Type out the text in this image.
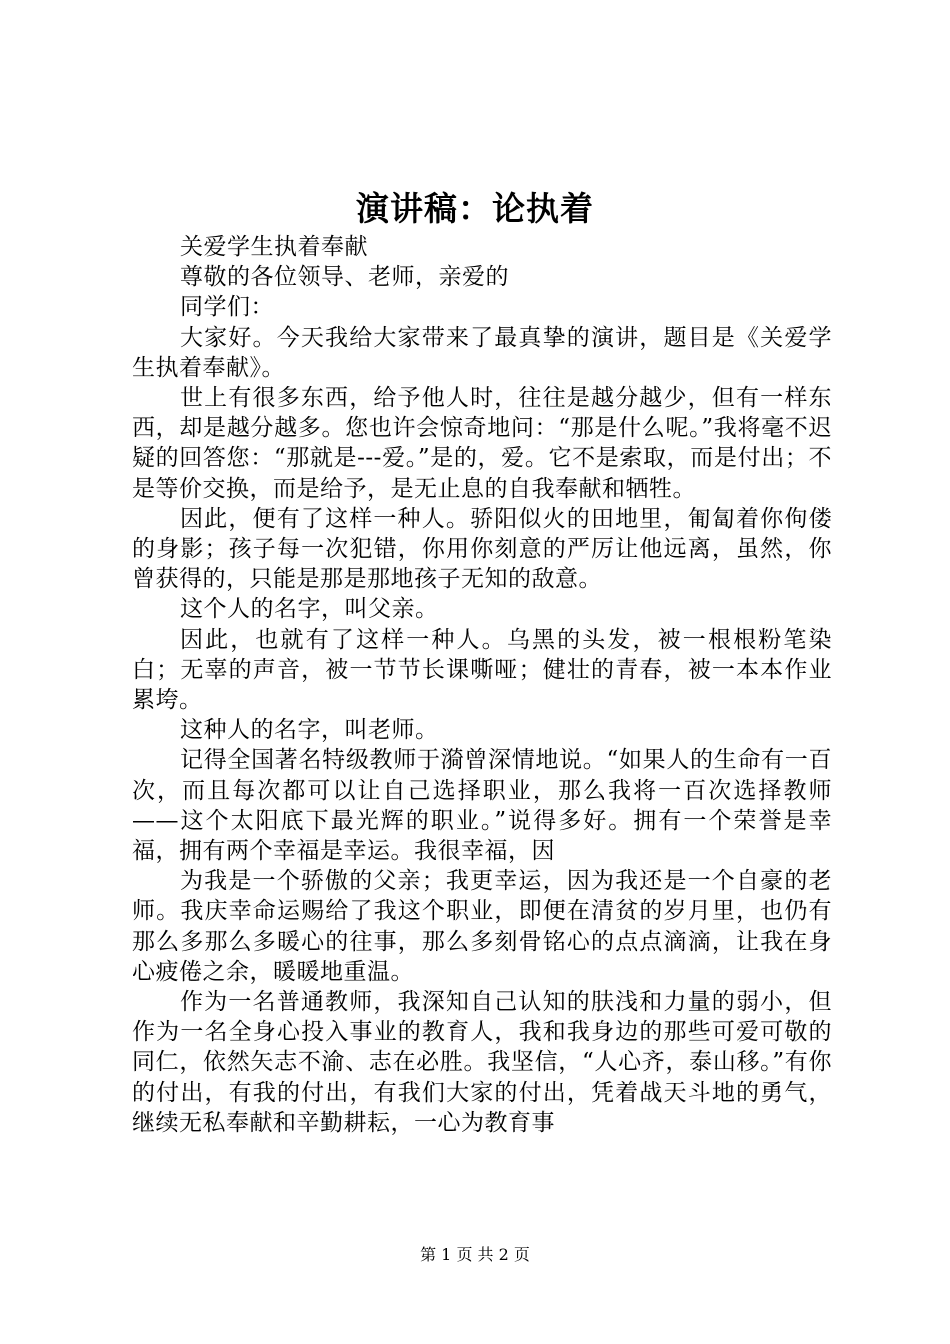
演讲稿：论执着

关爱学生执着奉献

尊敬的各位领导、老师，亲爱的

同学们：

大家好。今天我给大家带来了最真挚的演讲，题目是《关爱学生执着奉献》。

世上有很多东西，给予他人时，往往是越分越少，但有一样东西，却是越分越多。您也许会惊奇地问：“那是什么呢。”我将毫不迟疑的回答您：“那就是---爱。”是的，爱。它不是索取，而是付出；不是等价交换，而是给予，是无止息的自我奉献和牺牲。

因此，便有了这样一种人。骄阳似火的田地里，匍匐着你佝偻的身影；孩子每一次犯错，你用你刻意的严厉让他远离，虽然，你曾获得的，只能是那是那地孩子无知的敌意。

这个人的名字，叫父亲。

因此，也就有了这样一种人。乌黑的头发，被一根根粉笔染白；无辜的声音，被一节节长课嘶哑；健壮的青春，被一本本作业累垮。

这种人的名字，叫老师。

记得全国著名特级教师于漪曾深情地说。“如果人的生命有一百次，而且每次都可以让自己选择职业，那么我将一百次选择教师——这个太阳底下最光辉的职业。”说得多好。拥有一个荣誉是幸福，拥有两个幸福是幸运。我很幸福，因

为我是一个骄傲的父亲；我更幸运，因为我还是一个自豪的老师。我庆幸命运赐给了我这个职业，即便在清贫的岁月里，也仍有那么多那么多暖心的往事，那么多刻骨铭心的点点滴滴，让我在身心疲倦之余，暖暖地重温。

作为一名普通教师，我深知自己认知的肤浅和力量的弱小，但作为一名全身心投入事业的教育人，我和我身边的那些可爱可敬的同仁，依然矢志不渝、志在必胜。我坚信，“人心齐，泰山移。”有你的付出，有我的付出，有我们大家的付出，凭着战天斗地的勇气，继续无私奉献和辛勤耕耘，一心为教育事

第 1 页 共 2 页
